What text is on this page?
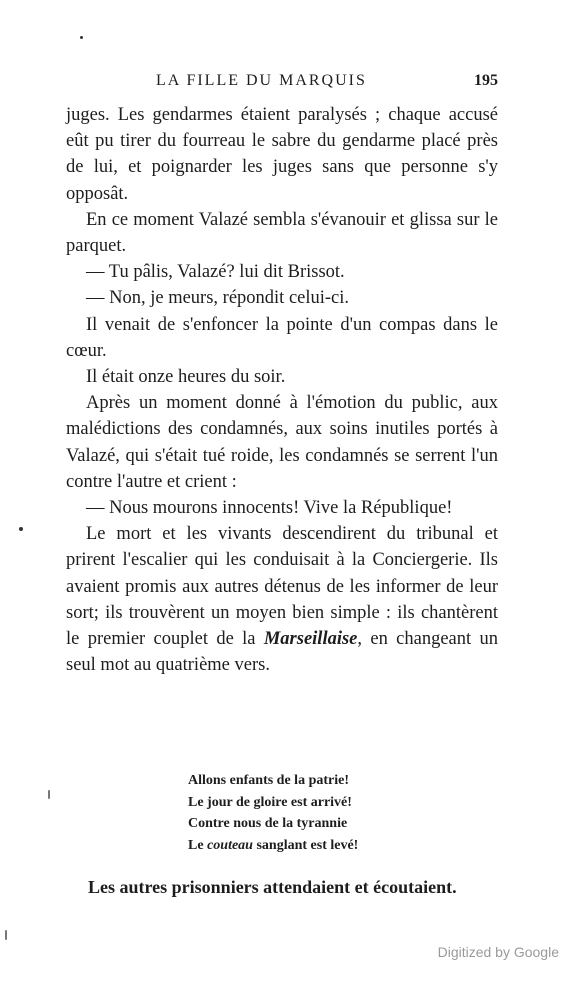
LA FILLE DU MARQUIS	195

juges. Les gendarmes étaient paralysés ; chaque accusé eût pu tirer du fourreau le sabre du gendarme placé près de lui, et poignarder les juges sans que personne s'y opposât.

En ce moment Valazé sembla s'évanouir et glissa sur le parquet.

— Tu pâlis, Valazé? lui dit Brissot.

— Non, je meurs, répondit celui-ci.

Il venait de s'enfoncer la pointe d'un compas dans le cœur.

Il était onze heures du soir.

Après un moment donné à l'émotion du public, aux malédictions des condamnés, aux soins inutiles portés à Valazé, qui s'était tué roide, les condamnés se serrent l'un contre l'autre et crient :

— Nous mourons innocents! Vive la République!

Le mort et les vivants descendirent du tribunal et prirent l'escalier qui les conduisait à la Conciergerie. Ils avaient promis aux autres détenus de les informer de leur sort; ils trouvèrent un moyen bien simple : ils chantèrent le premier couplet de la Marseillaise, en changeant un seul mot au quatrième vers.

Allons enfants de la patrie!
Le jour de gloire est arrivé!
Contre nous de la tyrannie
Le couteau sanglant est levé!
Les autres prisonniers attendaient et écoutaient.
Digitized by Google
